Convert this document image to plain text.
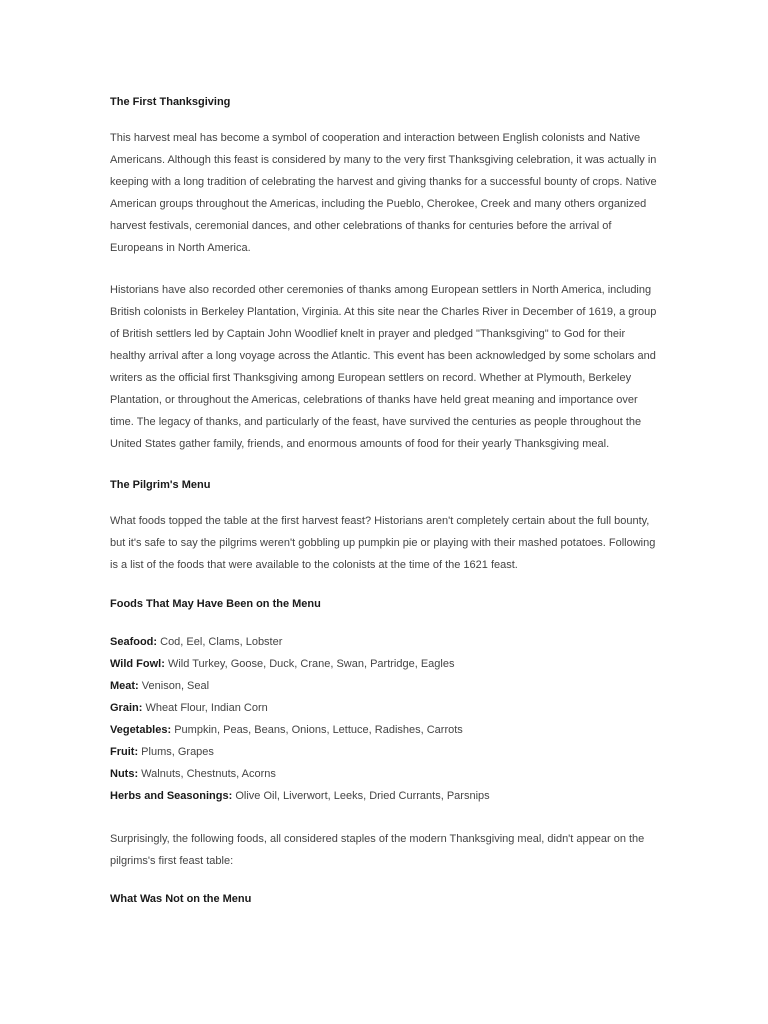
The First Thanksgiving

This harvest meal has become a symbol of cooperation and interaction between English colonists and Native Americans. Although this feast is considered by many to the very first Thanksgiving celebration, it was actually in keeping with a long tradition of celebrating the harvest and giving thanks for a successful bounty of crops. Native American groups throughout the Americas, including the Pueblo, Cherokee, Creek and many others organized harvest festivals, ceremonial dances, and other celebrations of thanks for centuries before the arrival of Europeans in North America.

Historians have also recorded other ceremonies of thanks among European settlers in North America, including British colonists in Berkeley Plantation, Virginia. At this site near the Charles River in December of 1619, a group of British settlers led by Captain John Woodlief knelt in prayer and pledged "Thanksgiving" to God for their healthy arrival after a long voyage across the Atlantic. This event has been acknowledged by some scholars and writers as the official first Thanksgiving among European settlers on record. Whether at Plymouth, Berkeley Plantation, or throughout the Americas, celebrations of thanks have held great meaning and importance over time. The legacy of thanks, and particularly of the feast, have survived the centuries as people throughout the United States gather family, friends, and enormous amounts of food for their yearly Thanksgiving meal.

The Pilgrim's Menu

What foods topped the table at the first harvest feast? Historians aren't completely certain about the full bounty, but it's safe to say the pilgrims weren't gobbling up pumpkin pie or playing with their mashed potatoes. Following is a list of the foods that were available to the colonists at the time of the 1621 feast.

Foods That May Have Been on the Menu
Seafood: Cod, Eel, Clams, Lobster
Wild Fowl: Wild Turkey, Goose, Duck, Crane, Swan, Partridge, Eagles
Meat: Venison, Seal
Grain: Wheat Flour, Indian Corn
Vegetables: Pumpkin, Peas, Beans, Onions, Lettuce, Radishes, Carrots
Fruit: Plums, Grapes
Nuts: Walnuts, Chestnuts, Acorns
Herbs and Seasonings: Olive Oil, Liverwort, Leeks, Dried Currants, Parsnips

Surprisingly, the following foods, all considered staples of the modern Thanksgiving meal, didn't appear on the pilgrims's first feast table:

What Was Not on the Menu
